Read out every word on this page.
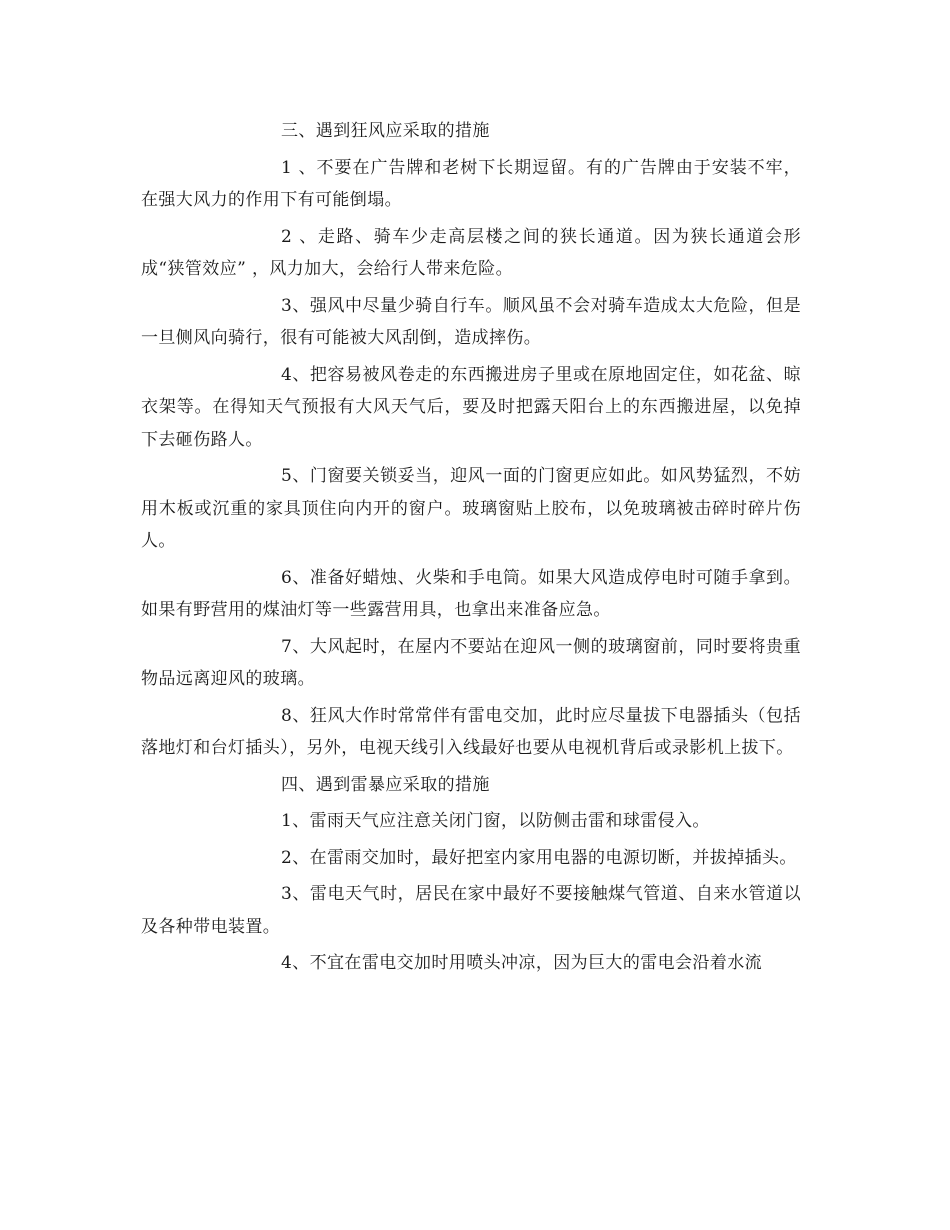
三、遇到狂风应采取的措施

1 、不要在广告牌和老树下长期逗留。有的广告牌由于安装不牢，在强大风力的作用下有可能倒塌。

2 、走路、骑车少走高层楼之间的狭长通道。因为狭长通道会形成“狭管效应” ，风力加大，会给行人带来危险。

3、强风中尽量少骑自行车。顺风虽不会对骑车造成太大危险，但是一旦侧风向骑行，很有可能被大风刮倒，造成摔伤。

4、把容易被风卷走的东西搬进房子里或在原地固定住，如花盆、晾衣架等。在得知天气预报有大风天气后，要及时把露天阳台上的东西搬进屋，以免掉下去砸伤路人。

5、门窗要关锁妥当，迎风一面的门窗更应如此。如风势猛烈，不妨用木板或沉重的家具顶住向内开的窗户。玻璃窗贴上胶布，以免玻璃被击碎时碎片伤人。

6、准备好蜡烛、火柴和手电筒。如果大风造成停电时可随手拿到。如果有野营用的煤油灯等一些露营用具，也拿出来准备应急。

7、大风起时，在屋内不要站在迎风一侧的玻璃窗前，同时要将贵重物品远离迎风的玻璃。

8、狂风大作时常常伴有雷电交加，此时应尽量拔下电器插头（包括落地灯和台灯插头），另外，电视天线引入线最好也要从电视机背后或录影机上拔下。

四、遇到雷暴应采取的措施

1、雷雨天气应注意关闭门窗，以防侧击雷和球雷侵入。

2、在雷雨交加时，最好把室内家用电器的电源切断，并拔掉插头。

3、雷电天气时，居民在家中最好不要接触煤气管道、自来水管道以及各种带电装置。

4、不宜在雷电交加时用喷头冲凉，因为巨大的雷电会沿着水流
